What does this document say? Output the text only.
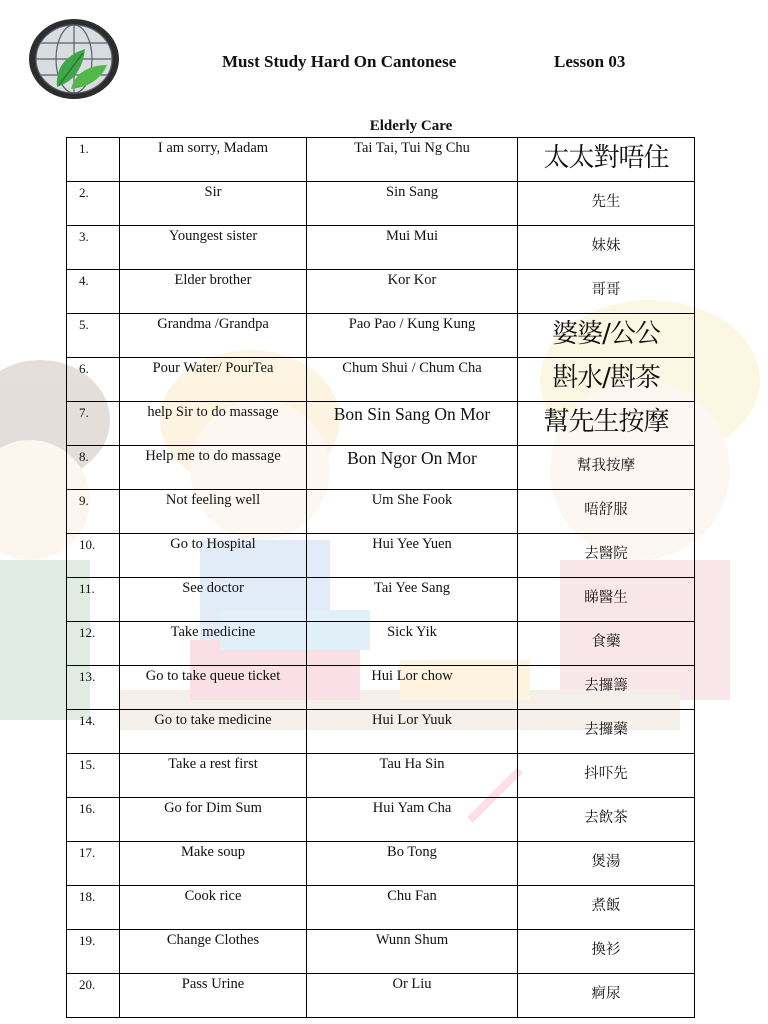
Must Study Hard On Cantonese	Lesson 03
Elderly Care
1.	I am sorry, Madam	Tai Tai, Tui Ng Chu	太太對唔住
2.	Sir	Sin Sang	先生
3.	Youngest sister	Mui Mui	妹妹
4.	Elder brother	Kor Kor	哥哥
5.	Grandma /Grandpa	Pao Pao / Kung Kung	婆婆/公公
6.	Pour Water/ PourTea	Chum Shui / Chum Cha	斟水/斟茶
7.	help Sir to do massage	Bon Sin Sang On Mor	幫先生按摩
8.	Help me to do massage	Bon Ngor On Mor	幫我按摩
9.	Not feeling well	Um She Fook	唔舒服
10.	Go to Hospital	Hui Yee Yuen	去醫院
11.	See doctor	Tai Yee Sang	睇醫生
12.	Take medicine	Sick Yik	食藥
13.	Go to take queue ticket	Hui Lor chow	去攞籌
14.	Go to take medicine	Hui Lor Yuuk	去攞藥
15.	Take a rest first	Tau Ha Sin	抖吓先
16.	Go for Dim Sum	Hui Yam Cha	去飲茶
17.	Make soup	Bo Tong	煲湯
18.	Cook rice	Chu Fan	煮飯
19.	Change Clothes	Wunn Shum	換衫
20.	Pass Urine	Or Liu	痾尿
